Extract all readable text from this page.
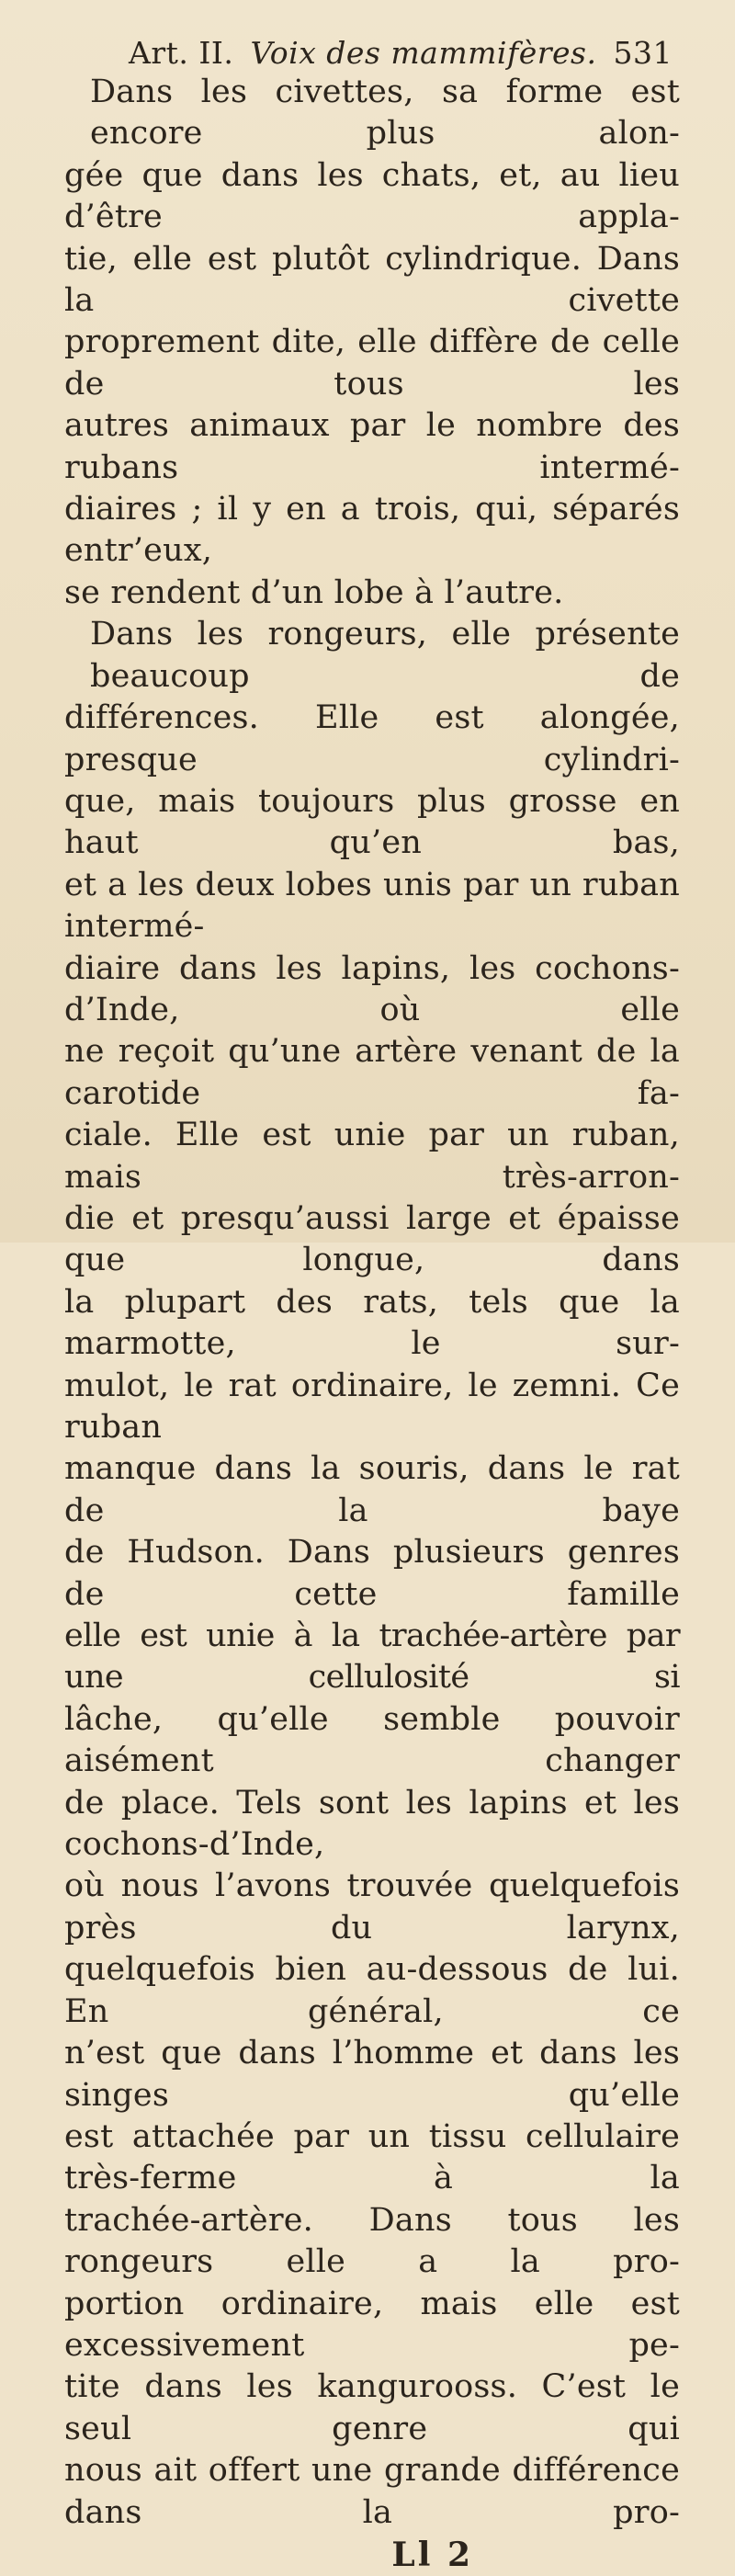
Art. II. Voix des mammifères. 531
Dans les civettes, sa forme est encore plus alon-
gée que dans les chats, et, au lieu d’être appla-
tie, elle est plutôt cylindrique. Dans la civette
proprement dite, elle diffère de celle de tous les
autres animaux par le nombre des rubans intermé-
diaires ; il y en a trois, qui, séparés entr’eux,
se rendent d’un lobe à l’autre.
Dans les rongeurs, elle présente beaucoup de
différences. Elle est alongée, presque cylindri-
que, mais toujours plus grosse en haut qu’en bas,
et a les deux lobes unis par un ruban intermé-
diaire dans les lapins, les cochons-d’Inde, où elle
ne reçoit qu’une artère venant de la carotide fa-
ciale. Elle est unie par un ruban, mais très-arron-
die et presqu’aussi large et épaisse que longue, dans
la plupart des rats, tels que la marmotte, le sur-
mulot, le rat ordinaire, le zemni. Ce ruban
manque dans la souris, dans le rat de la baye
de Hudson. Dans plusieurs genres de cette famille
elle est unie à la trachée-artère par une cellulosité si
lâche, qu’elle semble pouvoir aisément changer
de place. Tels sont les lapins et les cochons-d’Inde,
où nous l’avons trouvée quelquefois près du larynx,
quelquefois bien au-dessous de lui. En général, ce
n’est que dans l’homme et dans les singes qu’elle
est attachée par un tissu cellulaire très-ferme à la
trachée-artère. Dans tous les rongeurs elle a la pro-
portion ordinaire, mais elle est excessivement pe-
tite dans les kangurooss. C’est le seul genre qui
nous ait offert une grande différence dans la pro-
Ll 2
